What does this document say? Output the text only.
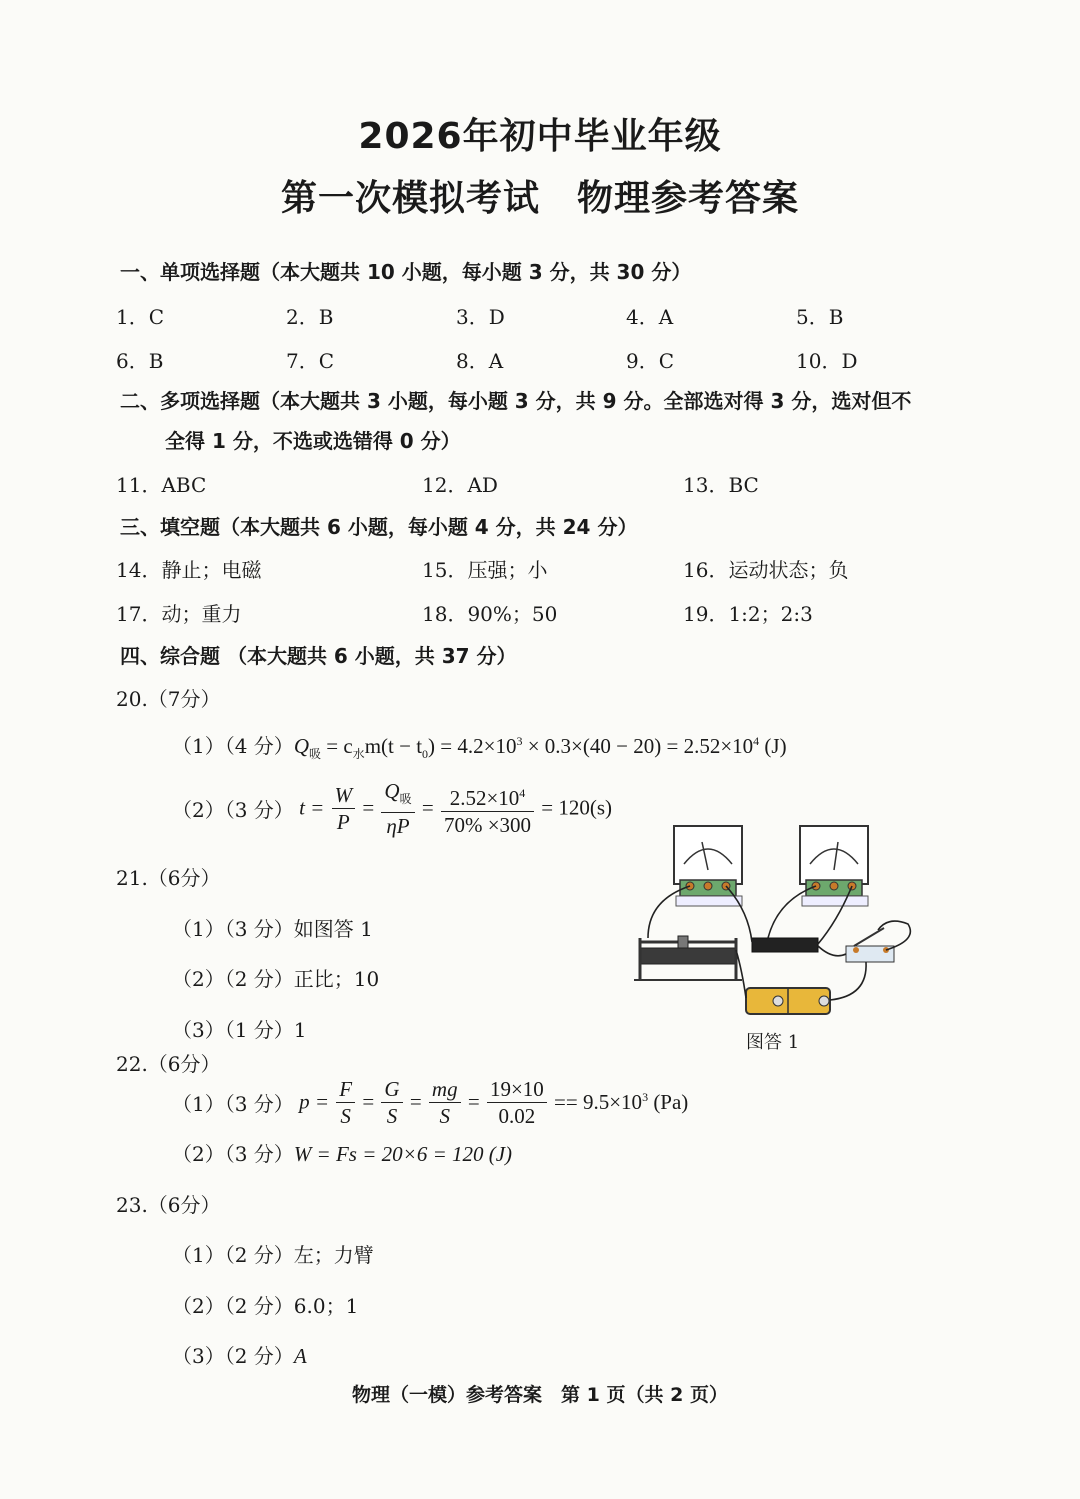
2026年初中毕业年级
第一次模拟考试　物理参考答案
一、单项选择题（本大题共 10 小题，每小题 3 分，共 30 分）
1．C	2．B	3．D	4．A	5．B
6．B	7．C	8．A	9．C	10．D
二、多项选择题（本大题共 3 小题，每小题 3 分，共 9 分。全部选对得 3 分，选对但不
全得 1 分，不选或选错得 0 分）
11．ABC	12．AD	13．BC
三、填空题（本大题共 6 小题，每小题 4 分，共 24 分）
14．静止；电磁	15．压强；小	16．运动状态；负
17．动；重力	18．90%；50	19．1:2；2:3
四、综合题 （本大题共 6 小题，共 37 分）
20.（7分）
（1）（4 分）$Q_吸 = c_水m(t - t_0) = 4.2\times 10^3 \times 0.3\times(40 - 20) = 2.52\times 10^4$ (J)
（2）（3 分） $t = \frac{W}{P} = \frac{Q_吸}{\eta P} = \frac{2.52\times 10^4}{70\% \times 300} = 120(s)$
21.（6分）
（1）（3 分）如图答 1
（2）（2 分）正比；10
（3）（1 分）1
图答 1
22.（6分）
（1）（3 分） $p = \frac{F}{S} = \frac{G}{S} = \frac{mg}{S} = \frac{19\times 10}{0.02} == 9.5\times 10^3$ (Pa)
（2）（3 分）W = Fs = 20×6 = 120 (J)
23.（6分）
（1）（2 分）左；力臂
（2）（2 分）6.0；1
（3）（2 分）A
物理（一模）参考答案　第 1 页（共 2 页）
